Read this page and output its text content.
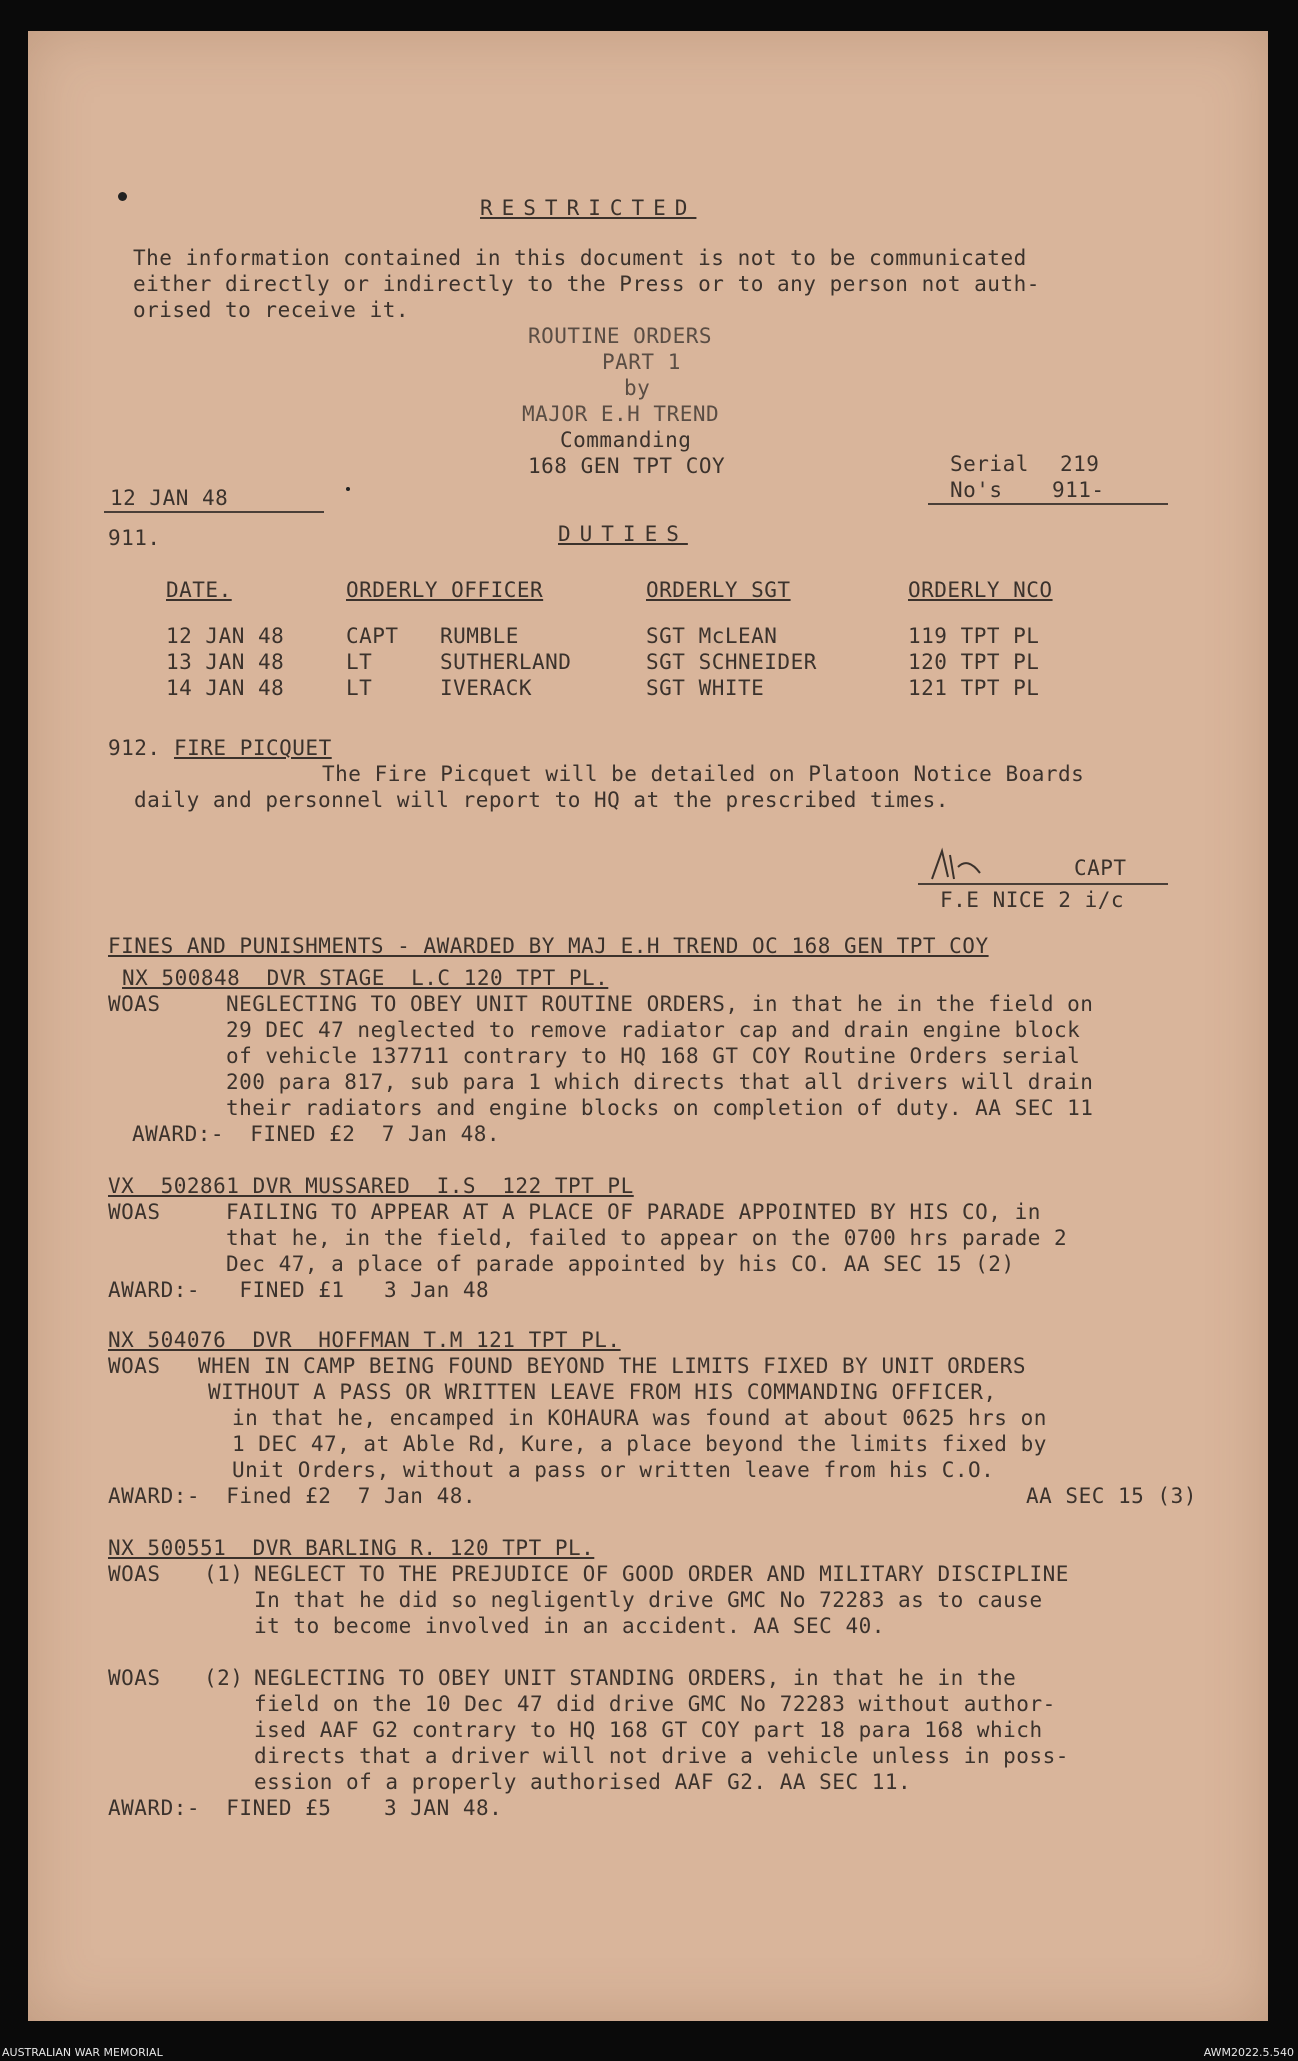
RESTRICTED
The information contained in this document is not to be communicated
either directly or indirectly to the Press or to any person not auth-
orised to receive it.
ROUTINE ORDERS
PART 1
by
MAJOR E.H TREND
Commanding
168 GEN TPT COY
12 JAN 48
Serial 219
No's 911-
911.	DUTIES
DATE.	ORDERLY OFFICER	ORDERLY SGT	ORDERLY NCO
12 JAN 48	CAPT RUMBLE	SGT McLEAN	119 TPT PL
13 JAN 48	LT	SUTHERLAND	SGT SCHNEIDER	120 TPT PL
14 JAN 48	LT	IVERACK	SGT WHITE	121 TPT PL
912. FIRE PICQUET
The Fire Picquet will be detailed on Platoon Notice Boards
daily and personnel will report to HQ at the prescribed times.
CAPT
F.E NICE 2 i/c
FINES AND PUNISHMENTS - AWARDED BY MAJ E.H TREND OC 168 GEN TPT COY
NX 500848  DVR STAGE  L.C 120 TPT PL.
WOAS	NEGLECTING TO OBEY UNIT ROUTINE ORDERS, in that he in the field on
29 DEC 47 neglected to remove radiator cap and drain engine block
of vehicle 137711 contrary to HQ 168 GT COY Routine Orders serial
200 para 817, sub para 1 which directs that all drivers will drain
their radiators and engine blocks on completion of duty. AA SEC 11
AWARD:-  FINED £2  7 Jan 48.
VX  502861 DVR MUSSARED  I.S  122 TPT PL
WOAS	FAILING TO APPEAR AT A PLACE OF PARADE APPOINTED BY HIS CO, in
that he, in the field, failed to appear on the 0700 hrs parade 2
Dec 47, a place of parade appointed by his CO. AA SEC 15 (2)
AWARD:-   FINED £1   3 Jan 48
NX 504076  DVR  HOFFMAN T.M 121 TPT PL.
WOAS WHEN IN CAMP BEING FOUND BEYOND THE LIMITS FIXED BY UNIT ORDERS
WITHOUT A PASS OR WRITTEN LEAVE FROM HIS COMMANDING OFFICER,
in that he, encamped in KOHAURA was found at about 0625 hrs on
1 DEC 47, at Able Rd, Kure, a place beyond the limits fixed by
Unit Orders, without a pass or written leave from his C.O.
AWARD:-  Fined £2  7 Jan 48.	AA SEC 15 (3)
NX 500551  DVR BARLING R. 120 TPT PL.
WOAS (1) NEGLECT TO THE PREJUDICE OF GOOD ORDER AND MILITARY DISCIPLINE
In that he did so negligently drive GMC No 72283 as to cause
it to become involved in an accident. AA SEC 40.
WOAS (2) NEGLECTING TO OBEY UNIT STANDING ORDERS, in that he in the
field on the 10 Dec 47 did drive GMC No 72283 without author-
ised AAF G2 contrary to HQ 168 GT COY part 18 para 168 which
directs that a driver will not drive a vehicle unless in poss-
ession of a properly authorised AAF G2. AA SEC 11.
AWARD:-  FINED £5    3 JAN 48.
AUSTRALIAN WAR MEMORIAL	AWM2022.5.540
